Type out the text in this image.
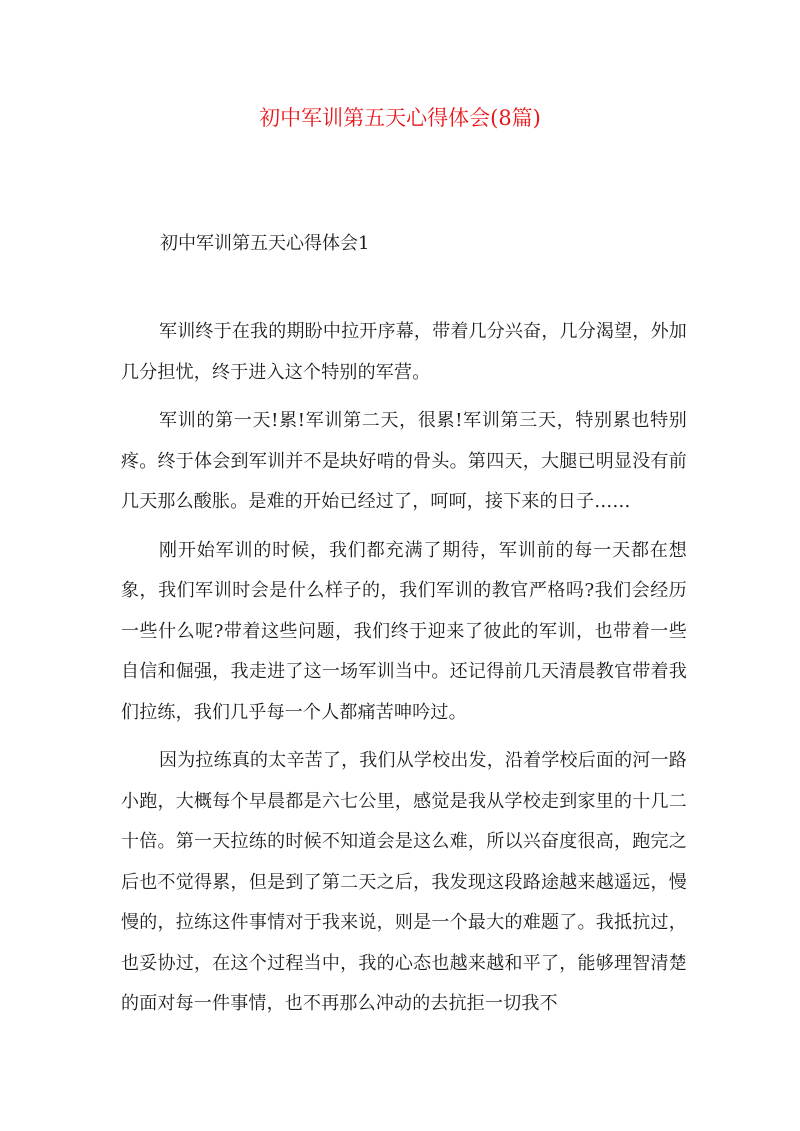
初中军训第五天心得体会(8篇)
初中军训第五天心得体会1

军训终于在我的期盼中拉开序幕，带着几分兴奋，几分渴望，外加几分担忧，终于进入这个特别的军营。

军训的第一天!累!军训第二天，很累!军训第三天，特别累也特别疼。终于体会到军训并不是块好啃的骨头。第四天，大腿已明显没有前几天那么酸胀。是难的开始已经过了，呵呵，接下来的日子……

刚开始军训的时候，我们都充满了期待，军训前的每一天都在想象，我们军训时会是什么样子的，我们军训的教官严格吗?我们会经历一些什么呢?带着这些问题，我们终于迎来了彼此的军训，也带着一些自信和倔强，我走进了这一场军训当中。还记得前几天清晨教官带着我们拉练，我们几乎每一个人都痛苦呻吟过。

因为拉练真的太辛苦了，我们从学校出发，沿着学校后面的河一路小跑，大概每个早晨都是六七公里，感觉是我从学校走到家里的十几二十倍。第一天拉练的时候不知道会是这么难，所以兴奋度很高，跑完之后也不觉得累，但是到了第二天之后，我发现这段路途越来越遥远，慢慢的，拉练这件事情对于我来说，则是一个最大的难题了。我抵抗过，也妥协过，在这个过程当中，我的心态也越来越和平了，能够理智清楚的面对每一件事情，也不再那么冲动的去抗拒一切我不
